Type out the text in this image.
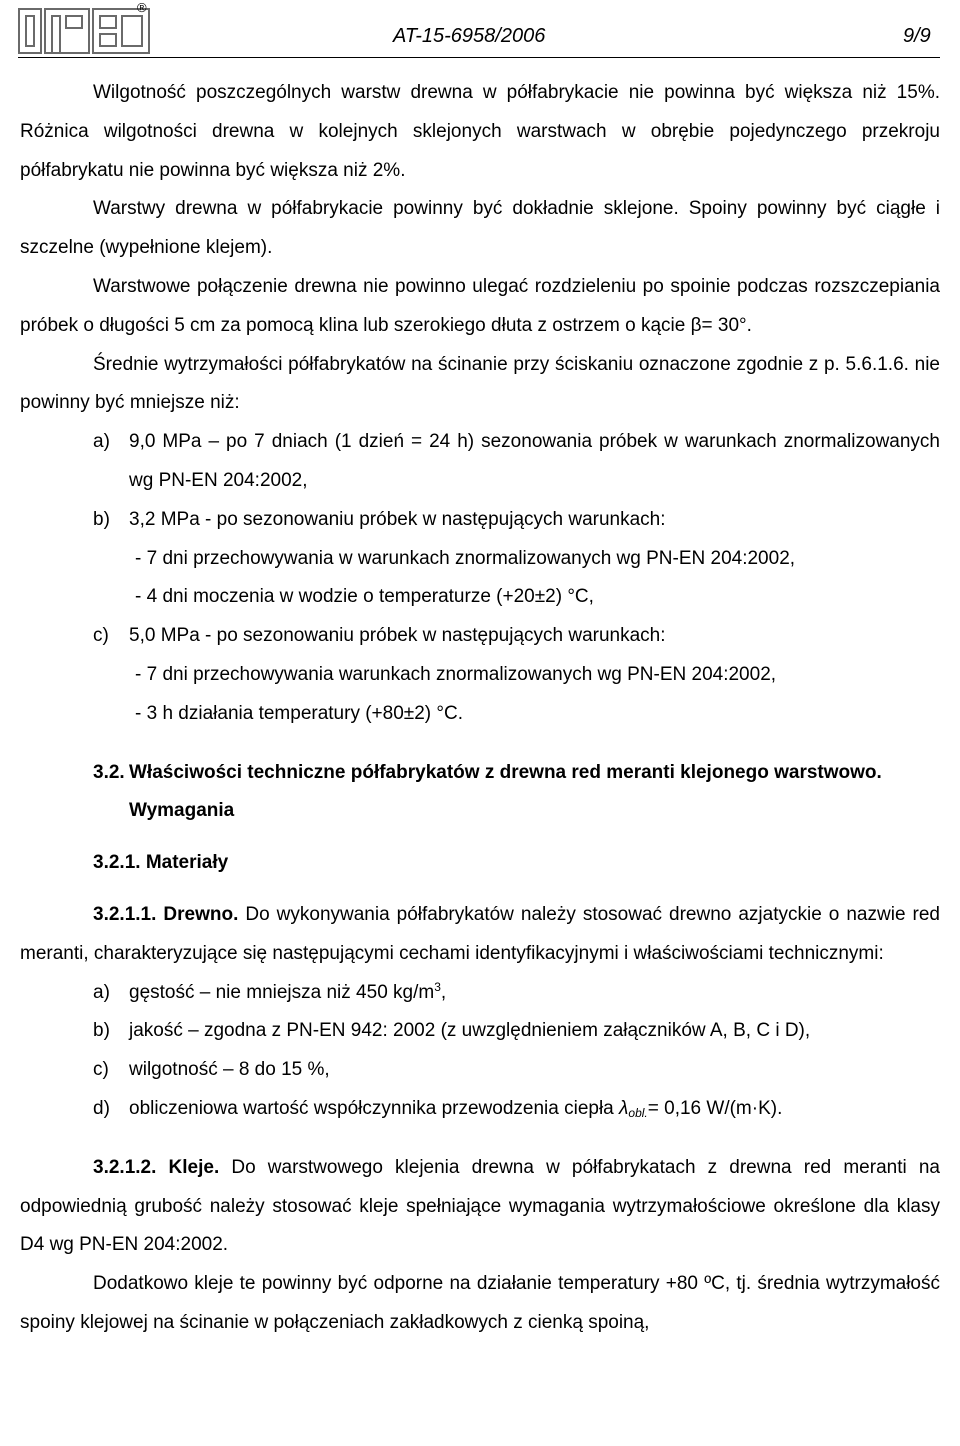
®
AT-15-6958/2006	9/9

Wilgotność poszczególnych warstw drewna w półfabrykacie nie powinna być większa niż 15%. Różnica wilgotności drewna w kolejnych sklejonych warstwach w obrębie pojedynczego przekroju półfabrykatu nie powinna być większa niż 2%.

Warstwy drewna w półfabrykacie powinny być dokładnie sklejone. Spoiny powinny być ciągłe i szczelne (wypełnione klejem).

Warstwowe połączenie drewna nie powinno ulegać rozdzieleniu po spoinie podczas rozszczepiania próbek o długości 5 cm za pomocą klina lub szerokiego dłuta z ostrzem o kącie β= 30°.

Średnie wytrzymałości półfabrykatów na ścinanie przy ściskaniu oznaczone zgodnie z p. 5.6.1.6. nie powinny być mniejsze niż:

a)	9,0 MPa – po 7 dniach (1 dzień = 24 h) sezonowania próbek w warunkach znormalizowanych wg PN-EN 204:2002,
b)	3,2 MPa - po sezonowaniu próbek w następujących warunkach:
- 7 dni przechowywania w warunkach znormalizowanych wg PN-EN 204:2002,
- 4 dni moczenia w wodzie o temperaturze (+20±2) °C,
c)	5,0 MPa - po sezonowaniu próbek w następujących warunkach:
- 7 dni przechowywania warunkach znormalizowanych wg PN-EN 204:2002,
- 3 h działania temperatury (+80±2) °C.
3.2. Właściwości techniczne półfabrykatów z drewna red meranti klejonego warstwowo. Wymagania

3.2.1. Materiały

3.2.1.1. Drewno. Do wykonywania półfabrykatów należy stosować drewno azjatyckie o nazwie red meranti, charakteryzujące się następującymi cechami identyfikacyjnymi i właściwościami technicznymi:

a)	gęstość – nie mniejsza niż 450 $kg/m^3$,
b)	jakość – zgodna z PN-EN 942: 2002 (z uwzględnieniem załączników A, B, C i D),
c)	wilgotność – 8 do 15 %,
d)	obliczeniowa wartość współczynnika przewodzenia ciepła $\lambda_{obl.}= 0,16$ W/(m·K).

3.2.1.2. Kleje. Do warstwowego klejenia drewna w półfabrykatach z drewna red meranti na odpowiednią grubość należy stosować kleje spełniające wymagania wytrzymałościowe określone dla klasy D4 wg PN-EN 204:2002.

Dodatkowo kleje te powinny być odporne na działanie temperatury +80 ºC, tj. średnia wytrzymałość spoiny klejowej na ścinanie w połączeniach zakładkowych z cienką spoiną,
